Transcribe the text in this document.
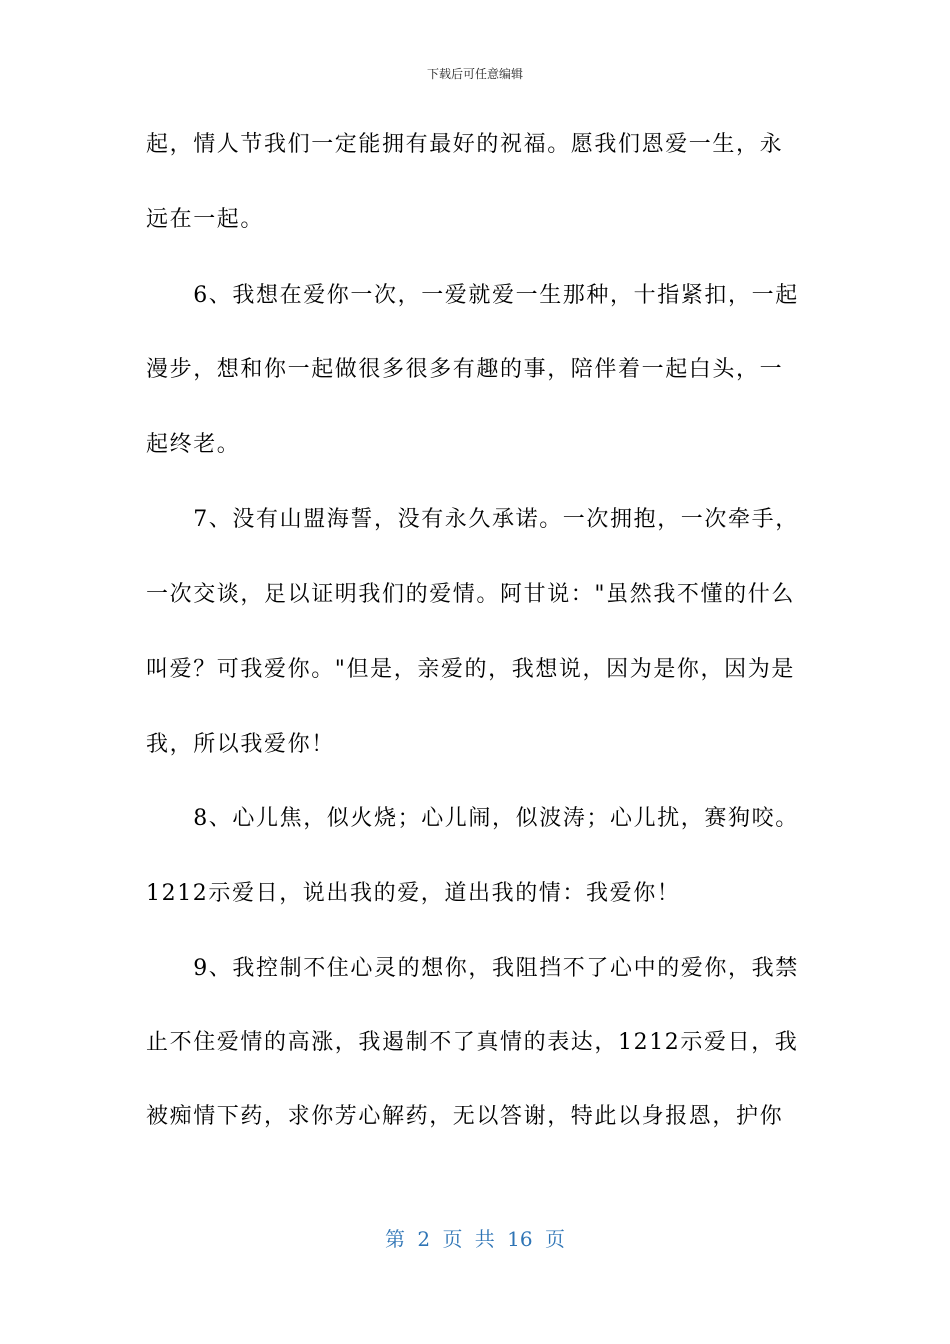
下载后可任意编辑
起，情人节我们一定能拥有最好的祝福。愿我们恩爱一生，永
远在一起。
　　6、我想在爱你一次，一爱就爱一生那种，十指紧扣，一起
漫步，想和你一起做很多很多有趣的事，陪伴着一起白头，一
起终老。
　　7、没有山盟海誓，没有永久承诺。一次拥抱，一次牵手，
一次交谈，足以证明我们的爱情。阿甘说："虽然我不懂的什么
叫爱？可我爱你。"但是，亲爱的，我想说，因为是你，因为是
我，所以我爱你！
　　8、心儿焦，似火烧；心儿闹，似波涛；心儿扰，赛狗咬。
1212示爱日，说出我的爱，道出我的情：我爱你！
　　9、我控制不住心灵的想你，我阻挡不了心中的爱你，我禁
止不住爱情的高涨，我遏制不了真情的表达，1212示爱日，我
被痴情下药，求你芳心解药，无以答谢，特此以身报恩，护你
第 2 页 共 16 页
